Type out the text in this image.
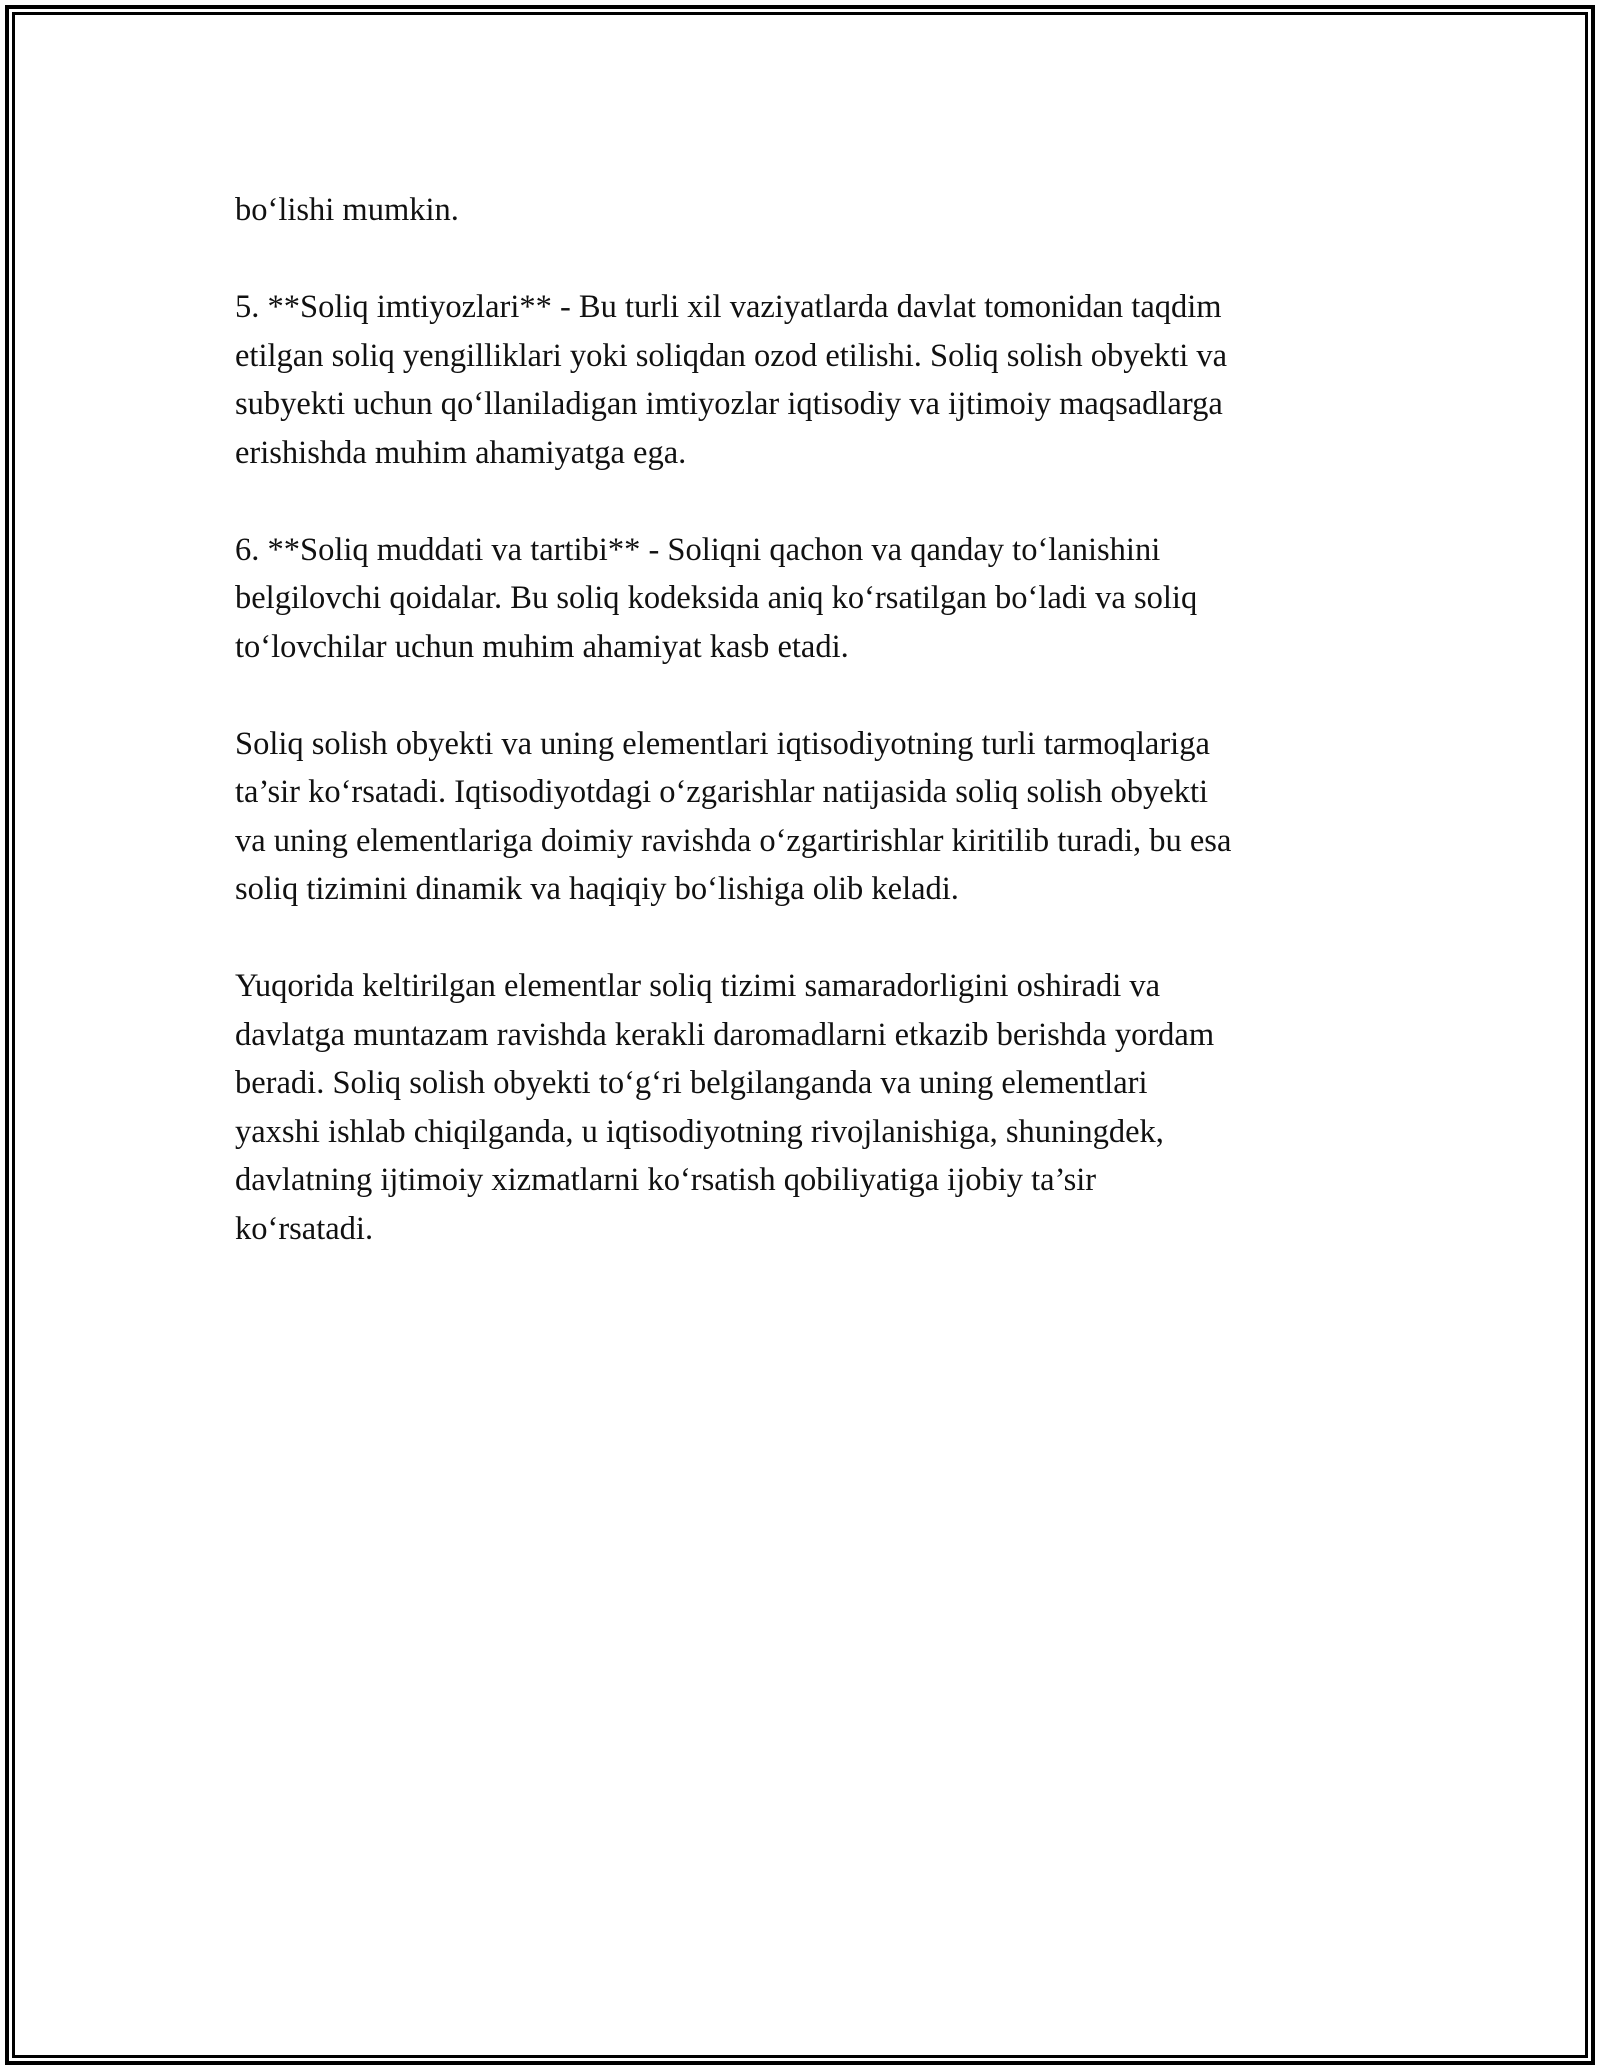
bo‘lishi mumkin.

5. **Soliq imtiyozlari** - Bu turli xil vaziyatlarda davlat tomonidan taqdim
etilgan soliq yengilliklari yoki soliqdan ozod etilishi. Soliq solish obyekti va
subyekti uchun qo‘llaniladigan imtiyozlar iqtisodiy va ijtimoiy maqsadlarga
erishishda muhim ahamiyatga ega.

6. **Soliq muddati va tartibi** - Soliqni qachon va qanday to‘lanishini
belgilovchi qoidalar. Bu soliq kodeksida aniq ko‘rsatilgan bo‘ladi va soliq
to‘lovchilar uchun muhim ahamiyat kasb etadi.

Soliq solish obyekti va uning elementlari iqtisodiyotning turli tarmoqlariga
ta’sir ko‘rsatadi. Iqtisodiyotdagi o‘zgarishlar natijasida soliq solish obyekti
va uning elementlariga doimiy ravishda o‘zgartirishlar kiritilib turadi, bu esa
soliq tizimini dinamik va haqiqiy bo‘lishiga olib keladi.

Yuqorida keltirilgan elementlar soliq tizimi samaradorligini oshiradi va
davlatga muntazam ravishda kerakli daromadlarni etkazib berishda yordam
beradi. Soliq solish obyekti to‘g‘ri belgilanganda va uning elementlari
yaxshi ishlab chiqilganda, u iqtisodiyotning rivojlanishiga, shuningdek,
davlatning ijtimoiy xizmatlarni ko‘rsatish qobiliyatiga ijobiy ta’sir
ko‘rsatadi.
